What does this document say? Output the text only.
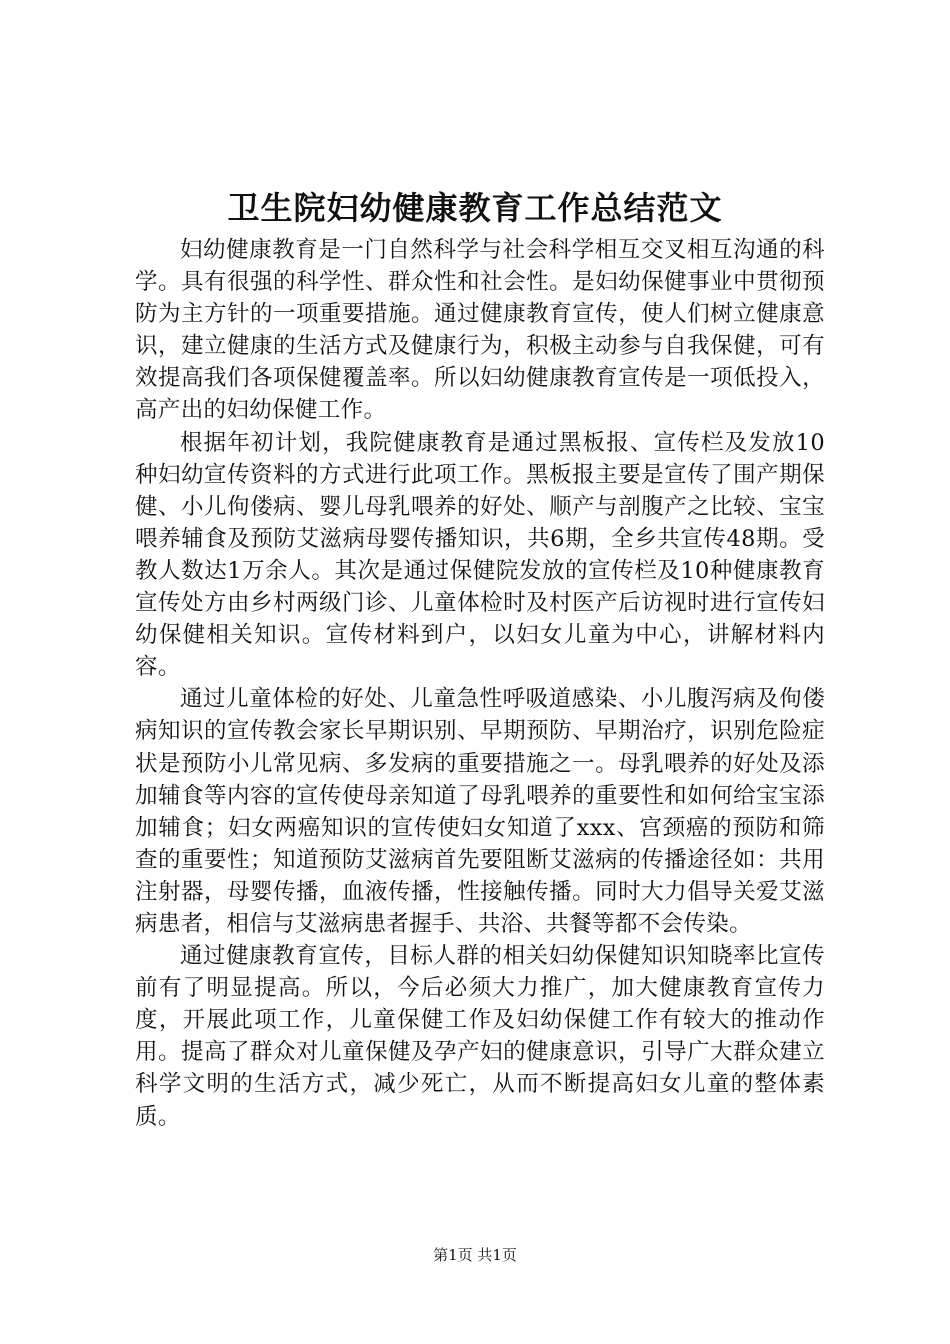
卫生院妇幼健康教育工作总结范文

妇幼健康教育是一门自然科学与社会科学相互交叉相互沟通的科学。具有很强的科学性、群众性和社会性。是妇幼保健事业中贯彻预防为主方针的一项重要措施。通过健康教育宣传，使人们树立健康意识，建立健康的生活方式及健康行为，积极主动参与自我保健，可有效提高我们各项保健覆盖率。所以妇幼健康教育宣传是一项低投入，高产出的妇幼保健工作。

根据年初计划，我院健康教育是通过黑板报、宣传栏及发放10种妇幼宣传资料的方式进行此项工作。黑板报主要是宣传了围产期保健、小儿佝偻病、婴儿母乳喂养的好处、顺产与剖腹产之比较、宝宝喂养辅食及预防艾滋病母婴传播知识，共6期，全乡共宣传48期。受教人数达1万余人。其次是通过保健院发放的宣传栏及10种健康教育宣传处方由乡村两级门诊、儿童体检时及村医产后访视时进行宣传妇幼保健相关知识。宣传材料到户，以妇女儿童为中心，讲解材料内容。

通过儿童体检的好处、儿童急性呼吸道感染、小儿腹泻病及佝偻病知识的宣传教会家长早期识别、早期预防、早期治疗，识别危险症状是预防小儿常见病、多发病的重要措施之一。母乳喂养的好处及添加辅食等内容的宣传使母亲知道了母乳喂养的重要性和如何给宝宝添加辅食；妇女两癌知识的宣传使妇女知道了xxx、宫颈癌的预防和筛查的重要性；知道预防艾滋病首先要阻断艾滋病的传播途径如：共用注射器，母婴传播，血液传播，性接触传播。同时大力倡导关爱艾滋病患者，相信与艾滋病患者握手、共浴、共餐等都不会传染。

通过健康教育宣传，目标人群的相关妇幼保健知识知晓率比宣传前有了明显提高。所以，今后必须大力推广，加大健康教育宣传力度，开展此项工作，儿童保健工作及妇幼保健工作有较大的推动作用。提高了群众对儿童保健及孕产妇的健康意识，引导广大群众建立科学文明的生活方式，减少死亡，从而不断提高妇女儿童的整体素质。

第1页 共1页
